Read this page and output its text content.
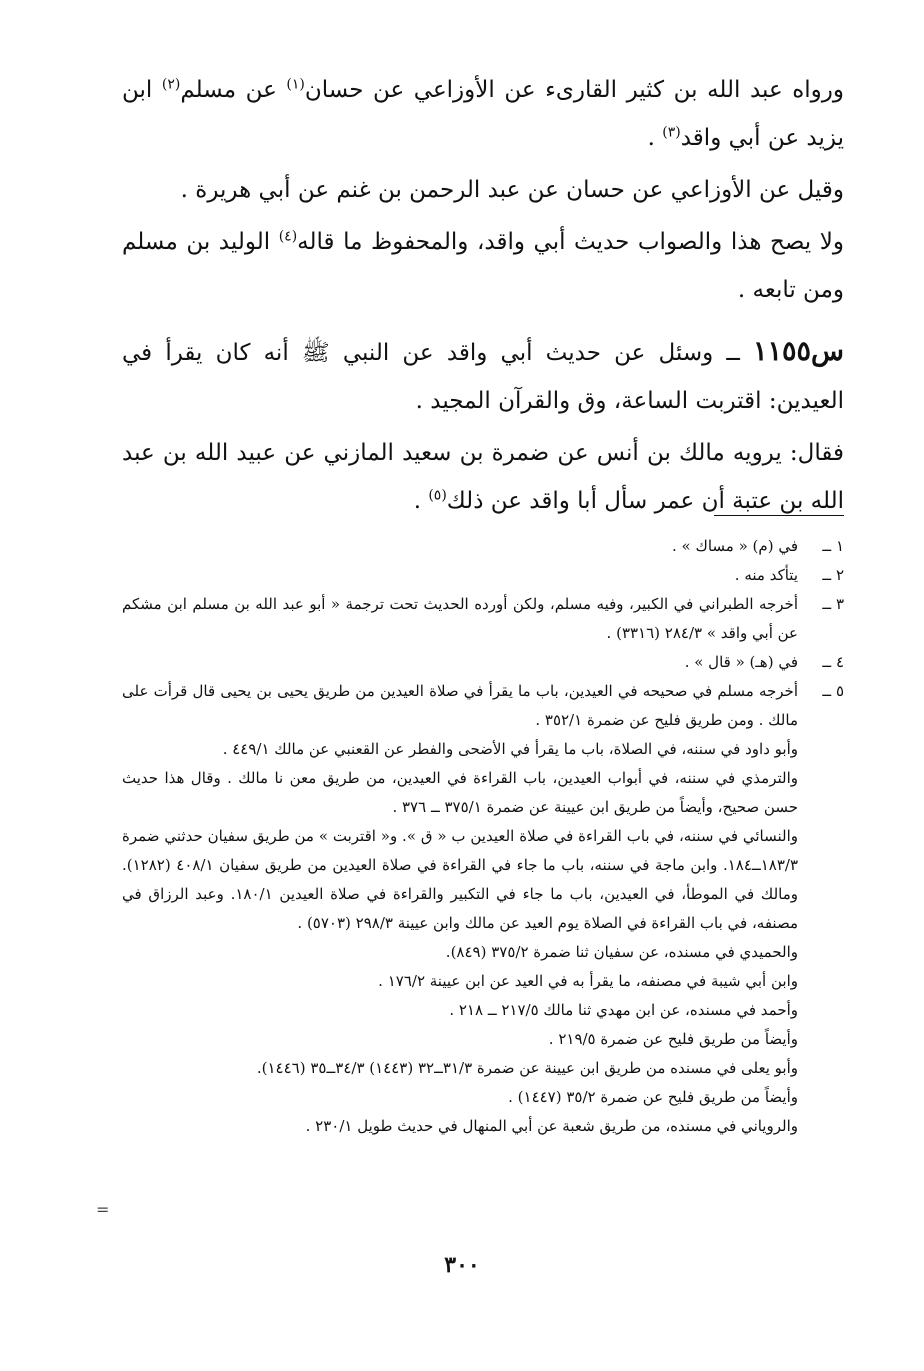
ورواه عبد الله بن كثير القارىء عن الأوزاعي عن حسان$^{(١)}$ عن مسلم$^{(٢)}$ ابن يزيد عن أبي واقد$^{(٣)}$ .

وقيل عن الأوزاعي عن حسان عن عبد الرحمن بن غنم عن أبي هريرة .

ولا يصح هذا والصواب حديث أبي واقد، والمحفوظ ما قاله$^{(٤)}$ الوليد بن مسلم ومن تابعه .

س١١٥٥ ــ وسئل عن حديث أبي واقد عن النبي ﷺ أنه كان يقرأ في العيدين: اقتربت الساعة، وق والقرآن المجيد .

فقال: يرويه مالك بن أنس عن ضمرة بن سعيد المازني عن عبيد الله بن عبد الله بن عتبة أن عمر سأل أبا واقد عن ذلك$^{(٥)}$ .

١ ــ
في (م) « مساك » .
٢ ــ
يتأكد منه .
٣ ــ
أخرجه الطبراني في الكبير، وفيه مسلم، ولكن أورده الحديث تحت ترجمة « أبو عبد الله بن مسلم ابن مشكم عن أبي واقد » ٢٨٤/٣ (٣٣١٦) .
٤ ــ
في (هـ) « قال » .
٥ ــ
أخرجه مسلم في صحيحه في العيدين، باب ما يقرأ في صلاة العيدين من طريق يحيى بن يحيى قال قرأت على مالك . ومن طريق فليح عن ضمرة ٣٥٢/١ .

وأبو داود في سننه، في الصلاة، باب ما يقرأ في الأضحى والفطر عن القعنبي عن مالك ٤٤٩/١ .

والترمذي في سننه، في أبواب العيدين، باب القراءة في العيدين، من طريق معن نا مالك . وقال هذا حديث حسن صحيح، وأيضاً من طريق ابن عيينة عن ضمرة ٣٧٥/١ ــ ٣٧٦ .

والنسائي في سننه، في باب القراءة في صلاة العيدين ب « ق ». و« اقتربت » من طريق سفيان حدثني ضمرة ١٨٣/٣ــ١٨٤. وابن ماجة في سننه، باب ما جاء في القراءة في صلاة العيدين من طريق سفيان ٤٠٨/١ (١٢٨٢). ومالك في الموطأ، في العيدين، باب ما جاء في التكبير والقراءة في صلاة العيدين ١٨٠/١. وعبد الرزاق في مصنفه، في باب القراءة في الصلاة يوم العيد عن مالك وابن عيينة ٢٩٨/٣ (٥٧٠٣) .

والحميدي في مسنده، عن سفيان ثنا ضمرة ٣٧٥/٢ (٨٤٩).

وابن أبي شيبة في مصنفه، ما يقرأ به في العيد عن ابن عيينة ١٧٦/٢ .

وأحمد في مسنده، عن ابن مهدي ثنا مالك ٢١٧/٥ ــ ٢١٨ .

وأيضاً من طريق فليح عن ضمرة ٢١٩/٥ .

وأبو يعلى في مسنده من طريق ابن عيينة عن ضمرة ٣١/٣ــ٣٢ (١٤٤٣) ٣٤/٣ــ٣٥ (١٤٤٦).

وأيضاً من طريق فليح عن ضمرة ٣٥/٢ (١٤٤٧) .

والروياني في مسنده، من طريق شعبة عن أبي المنهال في حديث طويل ٢٣٠/١ .

=
٣٠٠
